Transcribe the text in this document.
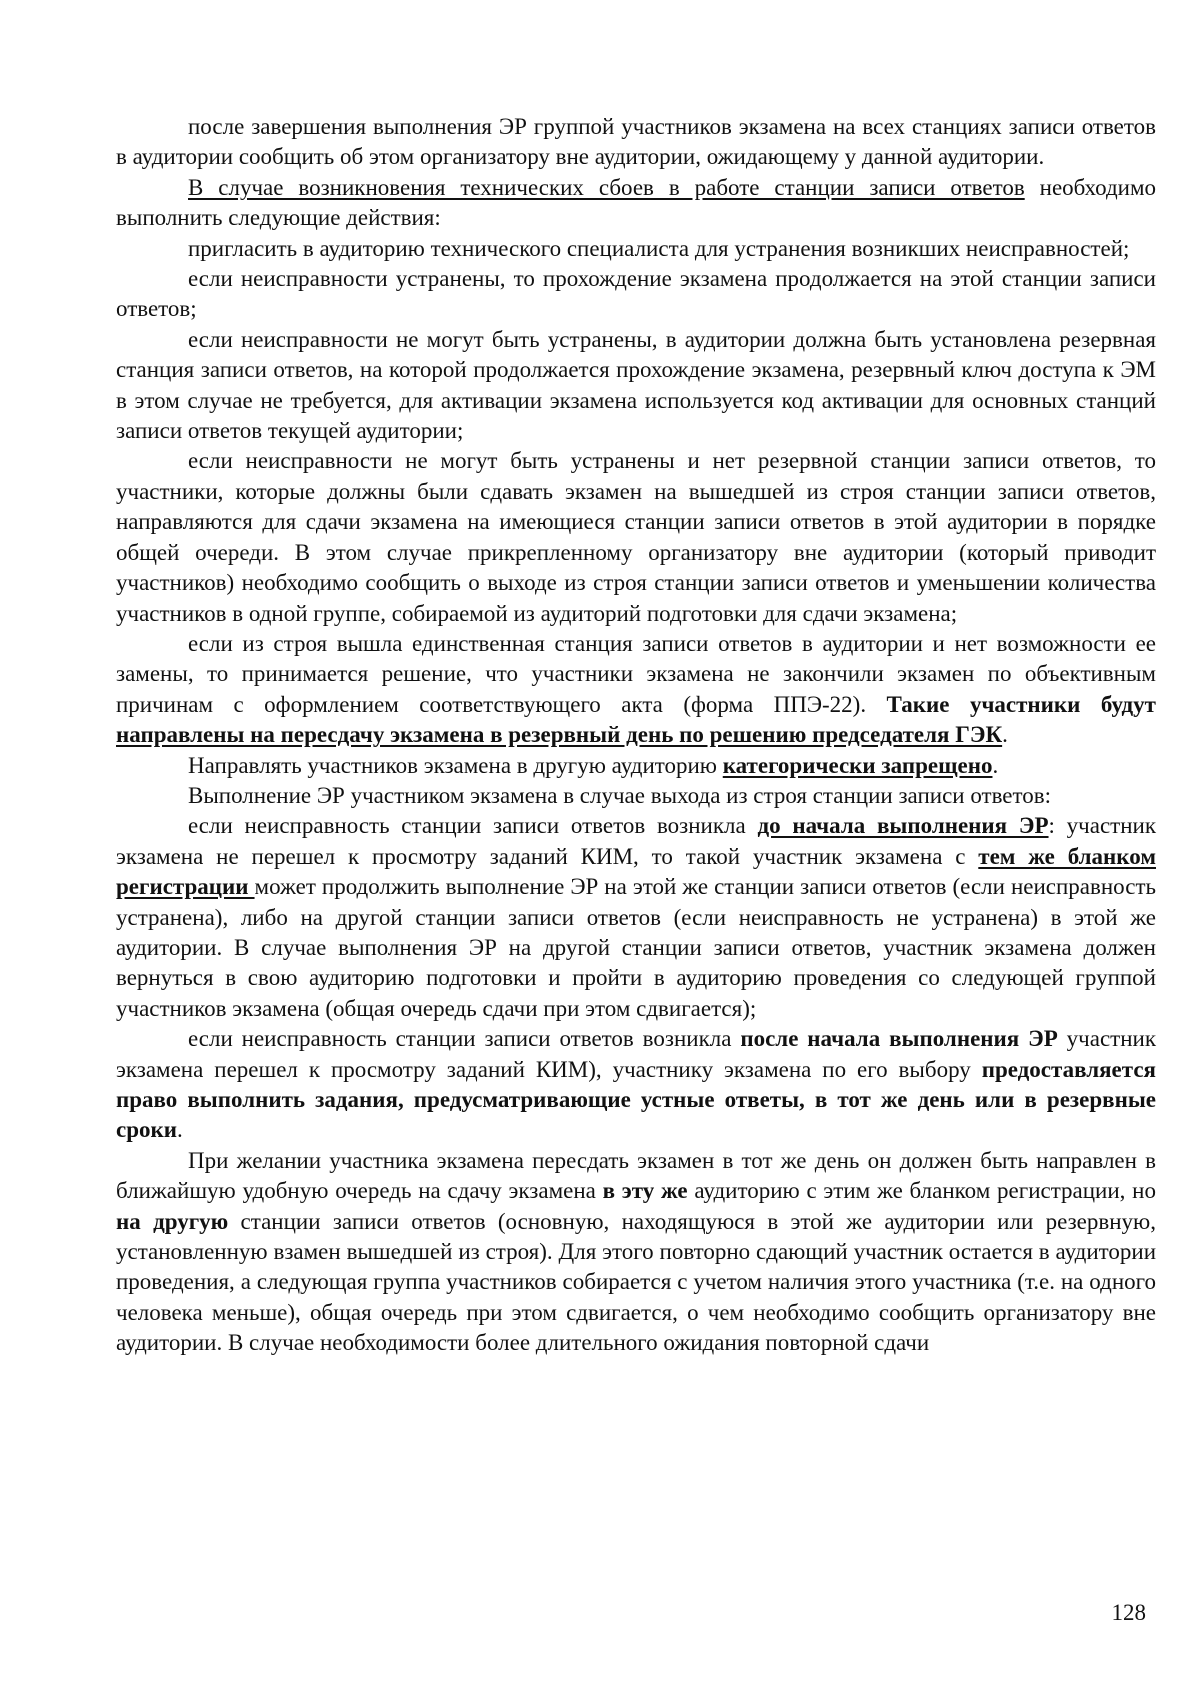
после завершения выполнения ЭР группой участников экзамена на всех станциях записи ответов в аудитории сообщить об этом организатору вне аудитории, ожидающему у данной аудитории.

В случае возникновения технических сбоев в работе станции записи ответов необходимо выполнить следующие действия:

пригласить в аудиторию технического специалиста для устранения возникших неисправностей;

если неисправности устранены, то прохождение экзамена продолжается на этой станции записи ответов;

если неисправности не могут быть устранены, в аудитории должна быть установлена резервная станция записи ответов, на которой продолжается прохождение экзамена, резервный ключ доступа к ЭМ в этом случае не требуется, для активации экзамена используется код активации для основных станций записи ответов текущей аудитории;

если неисправности не могут быть устранены и нет резервной станции записи ответов, то участники, которые должны были сдавать экзамен на вышедшей из строя станции записи ответов, направляются для сдачи экзамена на имеющиеся станции записи ответов в этой аудитории в порядке общей очереди. В этом случае прикрепленному организатору вне аудитории (который приводит участников) необходимо сообщить о выходе из строя станции записи ответов и уменьшении количества участников в одной группе, собираемой из аудиторий подготовки для сдачи экзамена;

если из строя вышла единственная станция записи ответов в аудитории и нет возможности ее замены, то принимается решение, что участники экзамена не закончили экзамен по объективным причинам с оформлением соответствующего акта (форма ППЭ-22). Такие участники будут направлены на пересдачу экзамена в резервный день по решению председателя ГЭК.

Направлять участников экзамена в другую аудиторию категорически запрещено.

Выполнение ЭР участником экзамена в случае выхода из строя станции записи ответов:

если неисправность станции записи ответов возникла до начала выполнения ЭР: участник экзамена не перешел к просмотру заданий КИМ, то такой участник экзамена с тем же бланком регистрации может продолжить выполнение ЭР на этой же станции записи ответов (если неисправность устранена), либо на другой станции записи ответов (если неисправность не устранена) в этой же аудитории. В случае выполнения ЭР на другой станции записи ответов, участник экзамена должен вернуться в свою аудиторию подготовки и пройти в аудиторию проведения со следующей группой участников экзамена (общая очередь сдачи при этом сдвигается);

если неисправность станции записи ответов возникла после начала выполнения ЭР участник экзамена перешел к просмотру заданий КИМ), участнику экзамена по его выбору предоставляется право выполнить задания, предусматривающие устные ответы, в тот же день или в резервные сроки.

При желании участника экзамена пересдать экзамен в тот же день он должен быть направлен в ближайшую удобную очередь на сдачу экзамена в эту же аудиторию с этим же бланком регистрации, но на другую станции записи ответов (основную, находящуюся в этой же аудитории или резервную, установленную взамен вышедшей из строя). Для этого повторно сдающий участник остается в аудитории проведения, а следующая группа участников собирается с учетом наличия этого участника (т.е. на одного человека меньше), общая очередь при этом сдвигается, о чем необходимо сообщить организатору вне аудитории. В случае необходимости более длительного ожидания повторной сдачи

128
